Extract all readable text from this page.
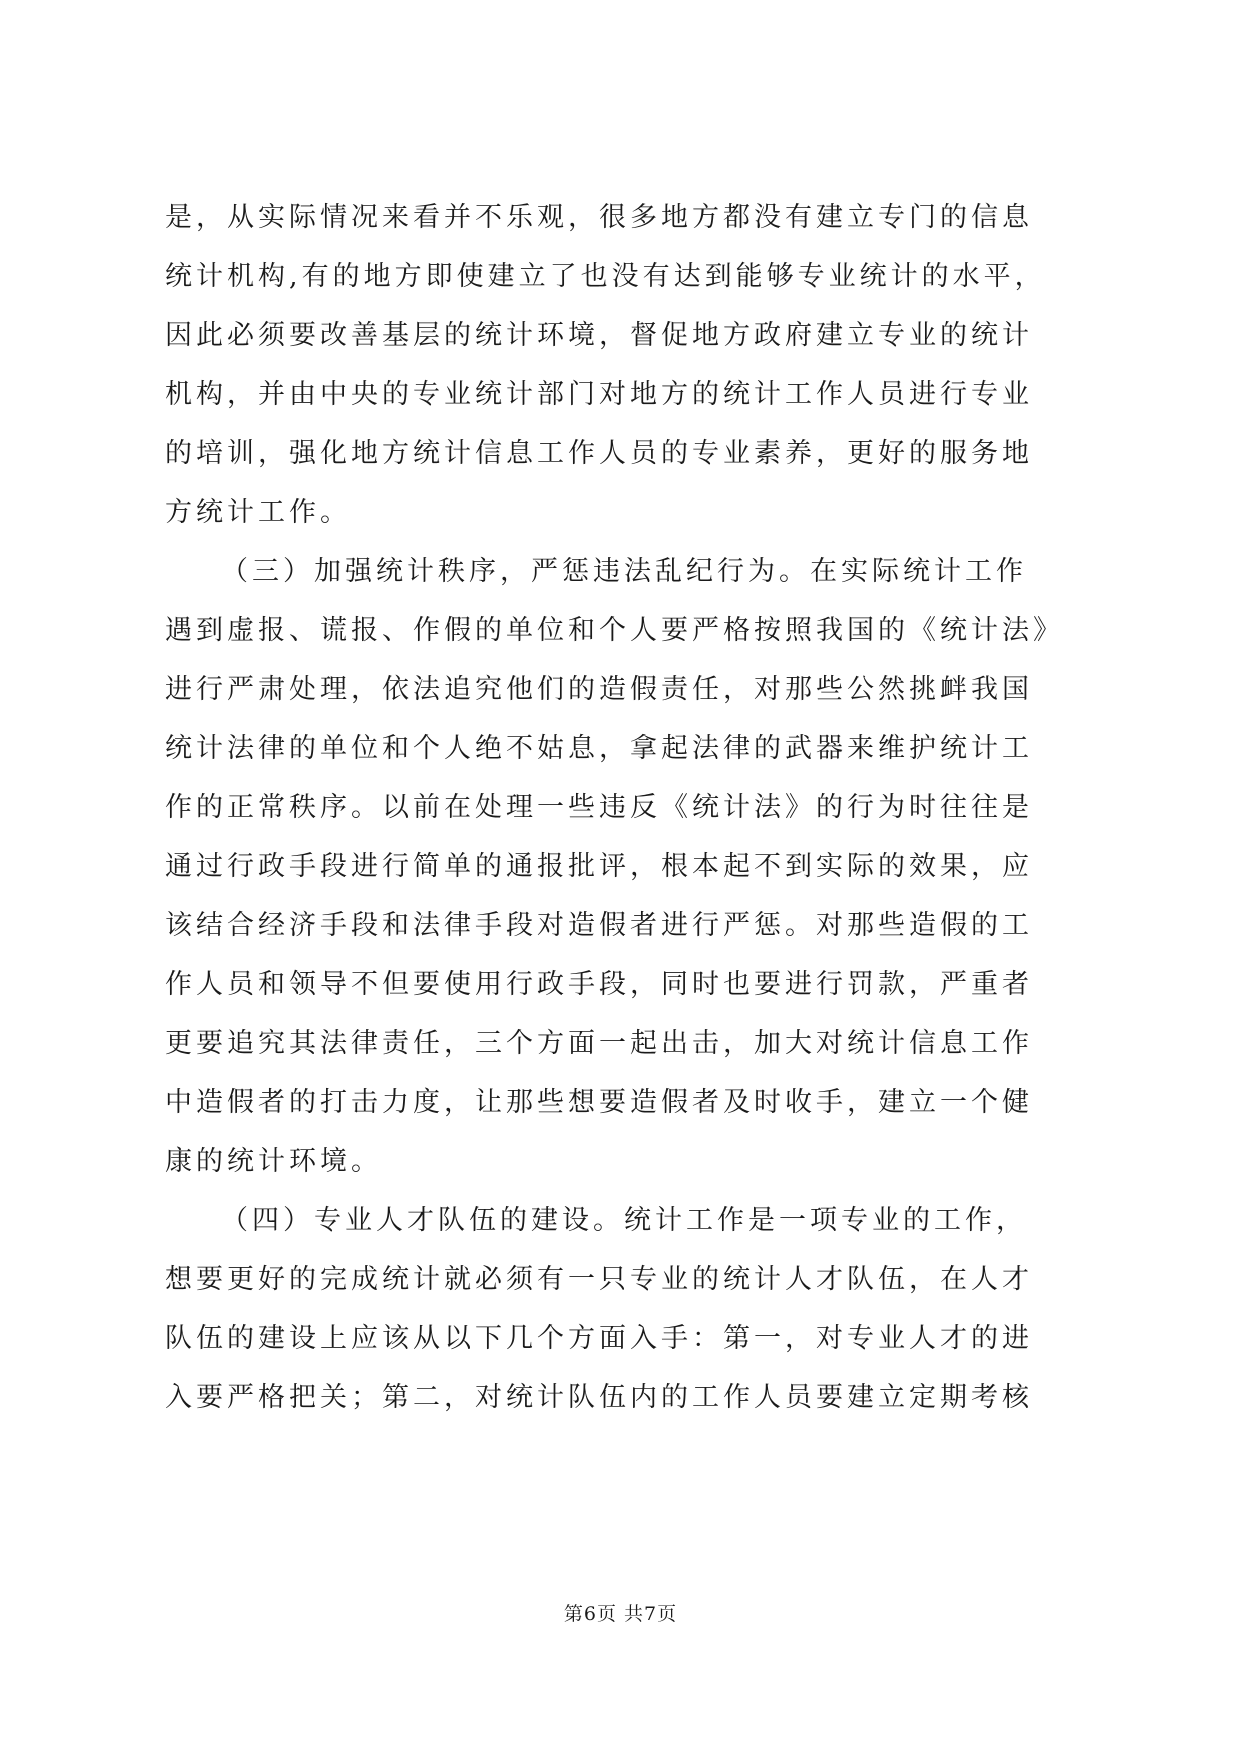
是，从实际情况来看并不乐观，很多地方都没有建立专门的信息
统计机构,有的地方即使建立了也没有达到能够专业统计的水平，
因此必须要改善基层的统计环境，督促地方政府建立专业的统计
机构，并由中央的专业统计部门对地方的统计工作人员进行专业
的培训，强化地方统计信息工作人员的专业素养，更好的服务地
方统计工作。
（三）加强统计秩序，严惩违法乱纪行为。在实际统计工作
遇到虚报、谎报、作假的单位和个人要严格按照我国的《统计法》
进行严肃处理，依法追究他们的造假责任，对那些公然挑衅我国
统计法律的单位和个人绝不姑息，拿起法律的武器来维护统计工
作的正常秩序。以前在处理一些违反《统计法》的行为时往往是
通过行政手段进行简单的通报批评，根本起不到实际的效果，应
该结合经济手段和法律手段对造假者进行严惩。对那些造假的工
作人员和领导不但要使用行政手段，同时也要进行罚款，严重者
更要追究其法律责任，三个方面一起出击，加大对统计信息工作
中造假者的打击力度，让那些想要造假者及时收手，建立一个健
康的统计环境。
（四）专业人才队伍的建设。统计工作是一项专业的工作，
想要更好的完成统计就必须有一只专业的统计人才队伍，在人才
队伍的建设上应该从以下几个方面入手：第一，对专业人才的进
入要严格把关；第二，对统计队伍内的工作人员要建立定期考核
第6页 共7页
